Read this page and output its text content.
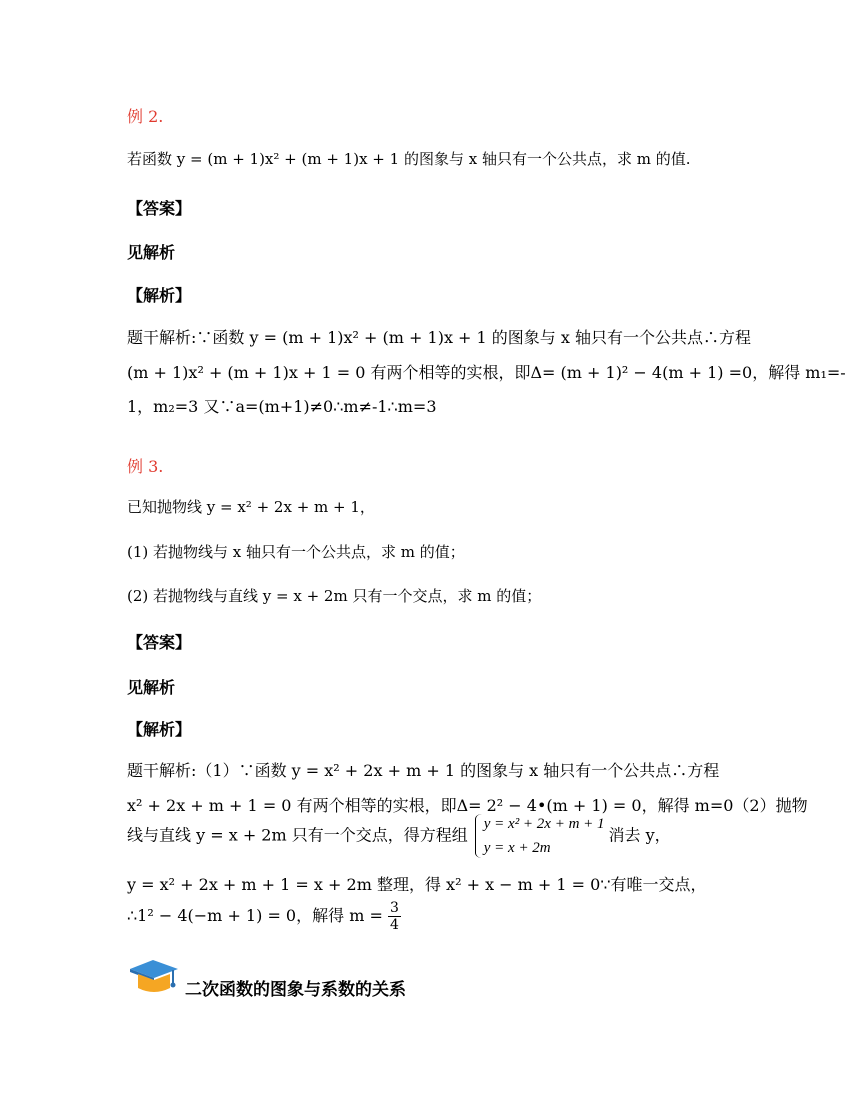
例 2.
若函数 y = (m + 1)x² + (m + 1)x + 1 的图象与 x 轴只有一个公共点，求 m 的值.
【答案】
见解析
【解析】
题干解析:∵函数 y = (m + 1)x² + (m + 1)x + 1 的图象与 x 轴只有一个公共点∴方程
(m + 1)x² + (m + 1)x + 1 = 0 有两个相等的实根，即Δ= (m + 1)² − 4(m + 1) =0，解得 m₁=-
1，m₂=3 又∵a=(m+1)≠0∴m≠-1∴m=3
例 3.
已知抛物线 y = x² + 2x + m + 1，
(1) 若抛物线与 x 轴只有一个公共点，求 m 的值；
(2) 若抛物线与直线 y = x + 2m 只有一个交点，求 m 的值；
【答案】
见解析
【解析】
题干解析:（1）∵函数 y = x² + 2x + m + 1 的图象与 x 轴只有一个公共点∴方程
x² + 2x + m + 1 = 0 有两个相等的实根，即Δ= 2² − 4•(m + 1) = 0，解得 m=0（2）抛物
线与直线 y = x + 2m 只有一个交点，得方程组
y = x² + 2x + m + 1
y = x + 2m
消去 y，
y = x² + 2x + m + 1 = x + 2m 整理，得 x² + x − m + 1 = 0∵有唯一交点，
∴1² − 4(−m + 1) = 0，解得 $m = \frac{3}{4}$
二次函数的图象与系数的关系
